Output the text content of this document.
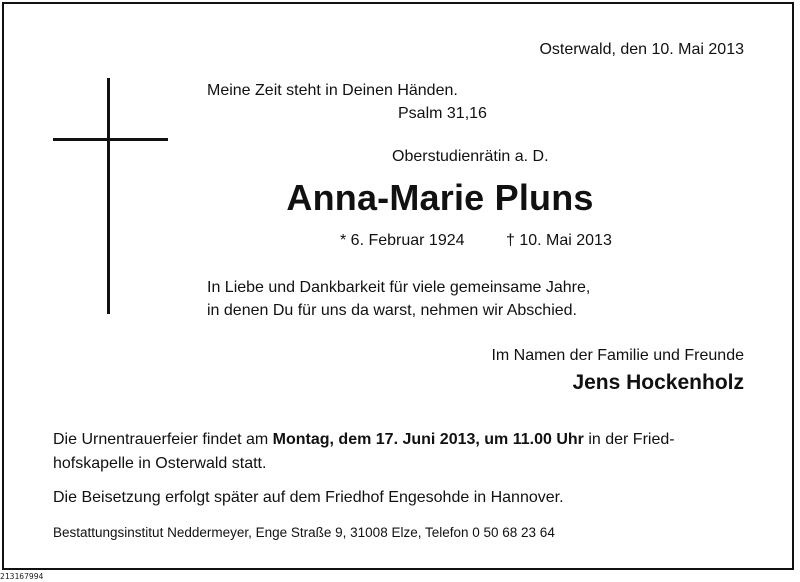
Osterwald, den 10. Mai 2013
Meine Zeit steht in Deinen Händen.
Psalm 31,16
Oberstudienrätin a. D.
Anna-Marie Pluns
* 6. Februar 1924	† 10. Mai 2013
In Liebe und Dankbarkeit für viele gemeinsame Jahre,
in denen Du für uns da warst, nehmen wir Abschied.
Im Namen der Familie und Freunde
Jens Hockenholz
Die Urnentrauerfeier findet am Montag, dem 17. Juni 2013, um 11.00 Uhr in der Fried-
hofskapelle in Osterwald statt.
Die Beisetzung erfolgt später auf dem Friedhof Engesohde in Hannover.
Bestattungsinstitut Neddermeyer, Enge Straße 9, 31008 Elze, Telefon 0 50 68 23 64
213167994
